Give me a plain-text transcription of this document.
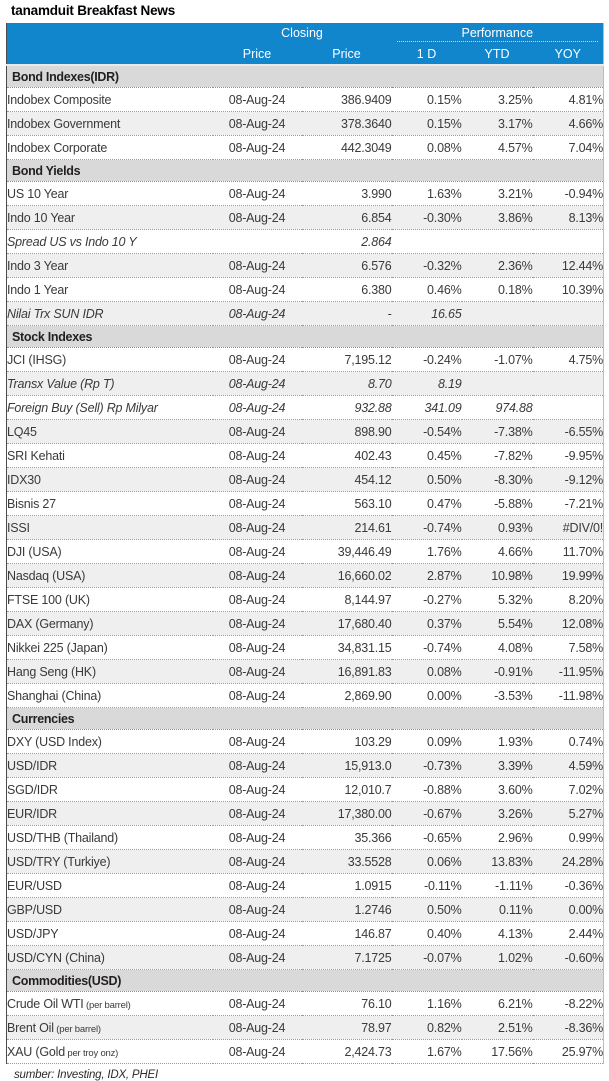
tanamduit Breakfast News
	Closing		Performance		

	Price	Price	1 D	YTD	YOY
Bond Indexes(IDR)					
Indobex Composite	08-Aug-24	386.9409	0.15%	3.25%	4.81%
Indobex Government	08-Aug-24	378.3640	0.15%	3.17%	4.66%
Indobex Corporate	08-Aug-24	442.3049	0.08%	4.57%	7.04%
Bond Yields					
US 10 Year	08-Aug-24	3.990	1.63%	3.21%	-0.94%
Indo 10 Year	08-Aug-24	6.854	-0.30%	3.86%	8.13%
Spread US vs Indo 10 Y		2.864			
Indo 3 Year	08-Aug-24	6.576	-0.32%	2.36%	12.44%
Indo 1 Year	08-Aug-24	6.380	0.46%	0.18%	10.39%
Nilai Trx SUN IDR	08-Aug-24	-	16.65		
Stock Indexes					
JCI (IHSG)	08-Aug-24	7,195.12	-0.24%	-1.07%	4.75%
Transx Value (Rp T)	08-Aug-24	8.70	8.19		
Foreign Buy (Sell) Rp Milyar	08-Aug-24	932.88	341.09	974.88	
LQ45	08-Aug-24	898.90	-0.54%	-7.38%	-6.55%
SRI Kehati	08-Aug-24	402.43	0.45%	-7.82%	-9.95%
IDX30	08-Aug-24	454.12	0.50%	-8.30%	-9.12%
Bisnis 27	08-Aug-24	563.10	0.47%	-5.88%	-7.21%
ISSI	08-Aug-24	214.61	-0.74%	0.93%	#DIV/0!
DJI (USA)	08-Aug-24	39,446.49	1.76%	4.66%	11.70%
Nasdaq (USA)	08-Aug-24	16,660.02	2.87%	10.98%	19.99%
FTSE 100 (UK)	08-Aug-24	8,144.97	-0.27%	5.32%	8.20%
DAX (Germany)	08-Aug-24	17,680.40	0.37%	5.54%	12.08%
Nikkei 225 (Japan)	08-Aug-24	34,831.15	-0.74%	4.08%	7.58%
Hang Seng (HK)	08-Aug-24	16,891.83	0.08%	-0.91%	-11.95%
Shanghai (China)	08-Aug-24	2,869.90	0.00%	-3.53%	-11.98%
Currencies					
DXY (USD Index)	08-Aug-24	103.29	0.09%	1.93%	0.74%
USD/IDR	08-Aug-24	15,913.0	-0.73%	3.39%	4.59%
SGD/IDR	08-Aug-24	12,010.7	-0.88%	3.60%	7.02%
EUR/IDR	08-Aug-24	17,380.00	-0.67%	3.26%	5.27%
USD/THB (Thailand)	08-Aug-24	35.366	-0.65%	2.96%	0.99%
USD/TRY (Turkiye)	08-Aug-24	33.5528	0.06%	13.83%	24.28%
EUR/USD	08-Aug-24	1.0915	-0.11%	-1.11%	-0.36%
GBP/USD	08-Aug-24	1.2746	0.50%	0.11%	0.00%
USD/JPY	08-Aug-24	146.87	0.40%	4.13%	2.44%
USD/CYN (China)	08-Aug-24	7.1725	-0.07%	1.02%	-0.60%
Commodities(USD)					
Crude Oil WTI (per barrel)	08-Aug-24	76.10	1.16%	6.21%	-8.22%
Brent Oil (per barrel)	08-Aug-24	78.97	0.82%	2.51%	-8.36%
XAU (Gold per troy onz)	08-Aug-24	2,424.73	1.67%	17.56%	25.97%
sumber: Investing, IDX, PHEI
